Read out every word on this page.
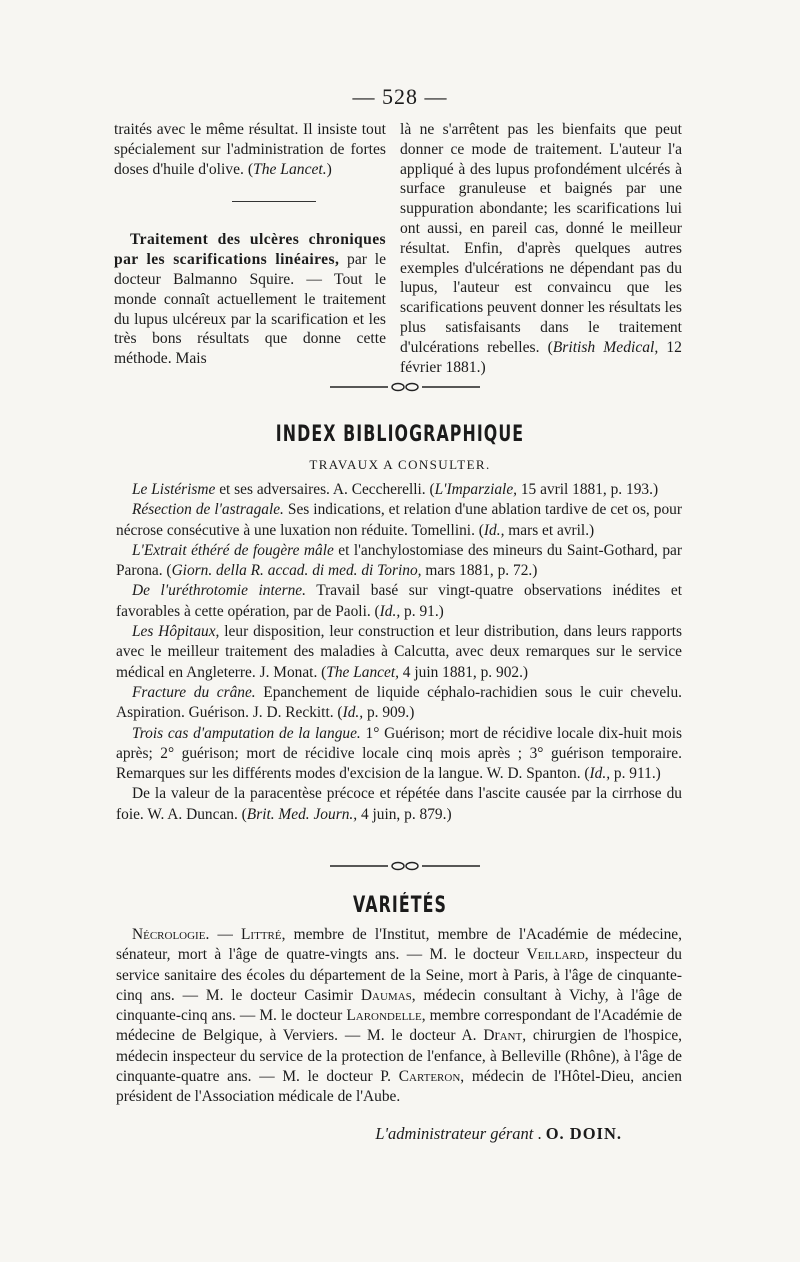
— 528 —

traités avec le même résultat. Il insiste tout spécialement sur l'administration de fortes doses d'huile d'olive. (The Lancet.)

Traitement des ulcères chroniques par les scarifications linéaires, par le docteur Balmanno Squire. — Tout le monde connaît actuellement le traitement du lupus ulcéreux par la scarification et les très bons résultats que donne cette méthode. Mais

là ne s'arrêtent pas les bienfaits que peut donner ce mode de traitement. L'auteur l'a appliqué à des lupus profondément ulcérés à surface granuleuse et baignés par une suppuration abondante; les scarifications lui ont aussi, en pareil cas, donné le meilleur résultat. Enfin, d'après quelques autres exemples d'ulcérations ne dépendant pas du lupus, l'auteur est convaincu que les scarifications peuvent donner les résultats les plus satisfaisants dans le traitement d'ulcérations rebelles. (British Medical, 12 février 1881.)

INDEX BIBLIOGRAPHIQUE
TRAVAUX A CONSULTER.

Le Listérisme et ses adversaires. A. Ceccherelli. (L'Imparziale, 15 avril 1881, p. 193.)

Résection de l'astragale. Ses indications, et relation d'une ablation tardive de cet os, pour nécrose consécutive à une luxation non réduite. Tomellini. (Id., mars et avril.)

L'Extrait éthéré de fougère mâle et l'anchylostomiase des mineurs du Saint-Gothard, par Parona. (Giorn. della R. accad. di med. di Torino, mars 1881, p. 72.)

De l'uréthrotomie interne. Travail basé sur vingt-quatre observations inédites et favorables à cette opération, par de Paoli. (Id., p. 91.)

Les Hôpitaux, leur disposition, leur construction et leur distribution, dans leurs rapports avec le meilleur traitement des maladies à Calcutta, avec deux remarques sur le service médical en Angleterre. J. Monat. (The Lancet, 4 juin 1881, p. 902.)

Fracture du crâne. Epanchement de liquide céphalo-rachidien sous le cuir chevelu. Aspiration. Guérison. J. D. Reckitt. (Id., p. 909.)

Trois cas d'amputation de la langue. 1° Guérison; mort de récidive locale dix-huit mois après; 2° guérison; mort de récidive locale cinq mois après ; 3° guérison temporaire. Remarques sur les différents modes d'excision de la langue. W. D. Spanton. (Id., p. 911.)

De la valeur de la paracentèse précoce et répétée dans l'ascite causée par la cirrhose du foie. W. A. Duncan. (Brit. Med. Journ., 4 juin, p. 879.)

VARIÉTÉS

Nécrologie. — Littré, membre de l'Institut, membre de l'Académie de médecine, sénateur, mort à l'âge de quatre-vingts ans. — M. le docteur Veillard, inspecteur du service sanitaire des écoles du département de la Seine, mort à Paris, à l'âge de cinquante-cinq ans. — M. le docteur Casimir Daumas, médecin consultant à Vichy, à l'âge de cinquante-cinq ans. — M. le docteur Larondelle, membre correspondant de l'Académie de médecine de Belgique, à Verviers. — M. le docteur A. Drant, chirurgien de l'hospice, médecin inspecteur du service de la protection de l'enfance, à Belleville (Rhône), à l'âge de cinquante-quatre ans. — M. le docteur P. Carteron, médecin de l'Hôtel-Dieu, ancien président de l'Association médicale de l'Aube.

L'administrateur gérant . O. DOIN.
